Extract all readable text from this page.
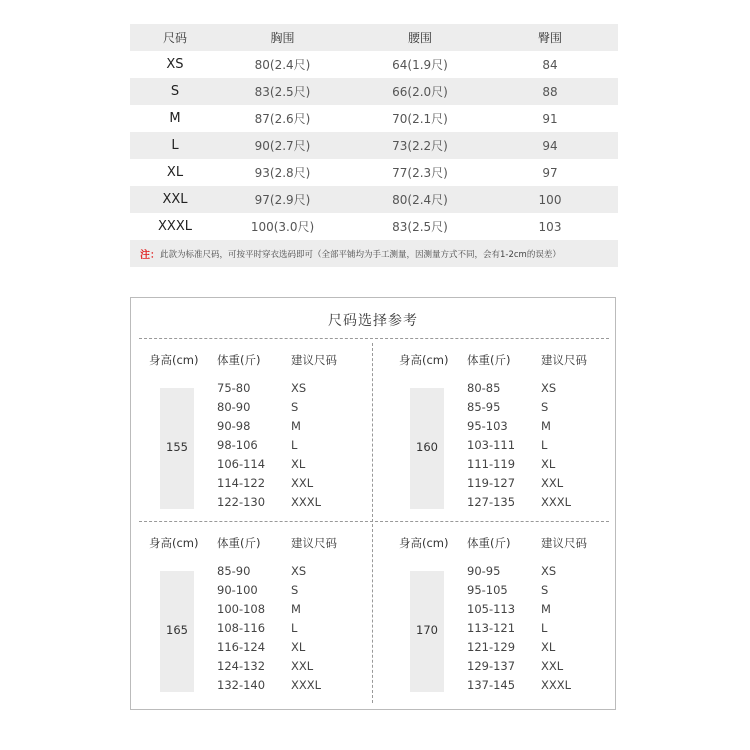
尺码	胸围	腰围	臀围
XS	80(2.4尺)	64(1.9尺)	84
S	83(2.5尺)	66(2.0尺)	88
M	87(2.6尺)	70(2.1尺)	91
L	90(2.7尺)	73(2.2尺)	94
XL	93(2.8尺)	77(2.3尺)	97
XXL	97(2.9尺)	80(2.4尺)	100
XXXL	100(3.0尺)	83(2.5尺)	103
注： 此款为标准尺码，可按平时穿衣选码即可（全部平铺均为手工测量，因测量方式不同，会有1-2cm的误差）
尺码选择参考
身高(cm) 体重(斤)	建议尺码
155
75-80	XS
80-90	S
90-98	M
98-106	L
106-114	XL
114-122	XXL
122-130	XXXL
身高(cm) 体重(斤)	建议尺码
160
80-85	XS
85-95	S
95-103	M
103-111	L
111-119	XL
119-127	XXL
127-135	XXXL
身高(cm) 体重(斤)	建议尺码
165
85-90	XS
90-100	S
100-108	M
108-116	L
116-124	XL
124-132	XXL
132-140	XXXL
身高(cm) 体重(斤)	建议尺码
170
90-95	XS
95-105	S
105-113	M
113-121	L
121-129	XL
129-137	XXL
137-145	XXXL
